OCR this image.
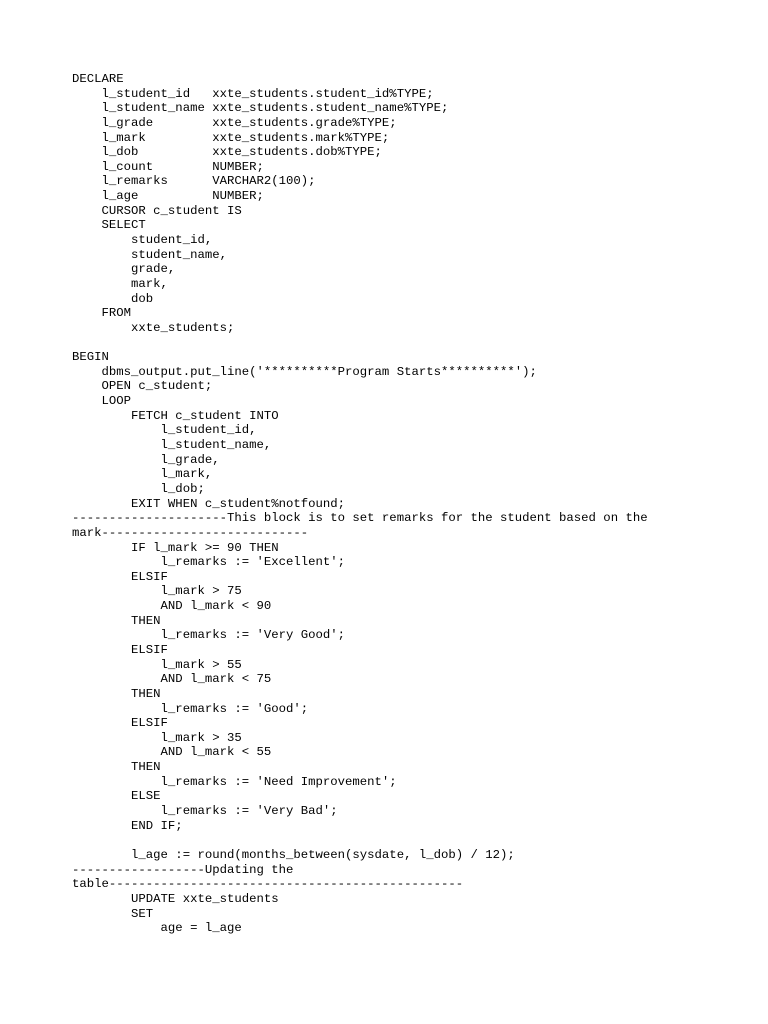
DECLARE
l_student_id   xxte_students.student_id%TYPE;
l_student_name xxte_students.student_name%TYPE;
l_grade        xxte_students.grade%TYPE;
l_mark         xxte_students.mark%TYPE;
l_dob          xxte_students.dob%TYPE;
l_count        NUMBER;
l_remarks      VARCHAR2(100);
l_age          NUMBER;
CURSOR c_student IS
SELECT
student_id,
student_name,
grade,
mark,
dob
FROM
xxte_students;
BEGIN
dbms_output.put_line('**********Program Starts**********');
OPEN c_student;
LOOP
FETCH c_student INTO
l_student_id,
l_student_name,
l_grade,
l_mark,
l_dob;
EXIT WHEN c_student%notfound;
---------------------This block is to set remarks for the student based on the
mark----------------------------
IF l_mark >= 90 THEN
l_remarks := 'Excellent';
ELSIF
l_mark > 75
AND l_mark < 90
THEN
l_remarks := 'Very Good';
ELSIF
l_mark > 55
AND l_mark < 75
THEN
l_remarks := 'Good';
ELSIF
l_mark > 35
AND l_mark < 55
THEN
l_remarks := 'Need Improvement';
ELSE
l_remarks := 'Very Bad';
END IF;
l_age := round(months_between(sysdate, l_dob) / 12);
------------------Updating the
table------------------------------------------------
UPDATE xxte_students
SET
age = l_age
